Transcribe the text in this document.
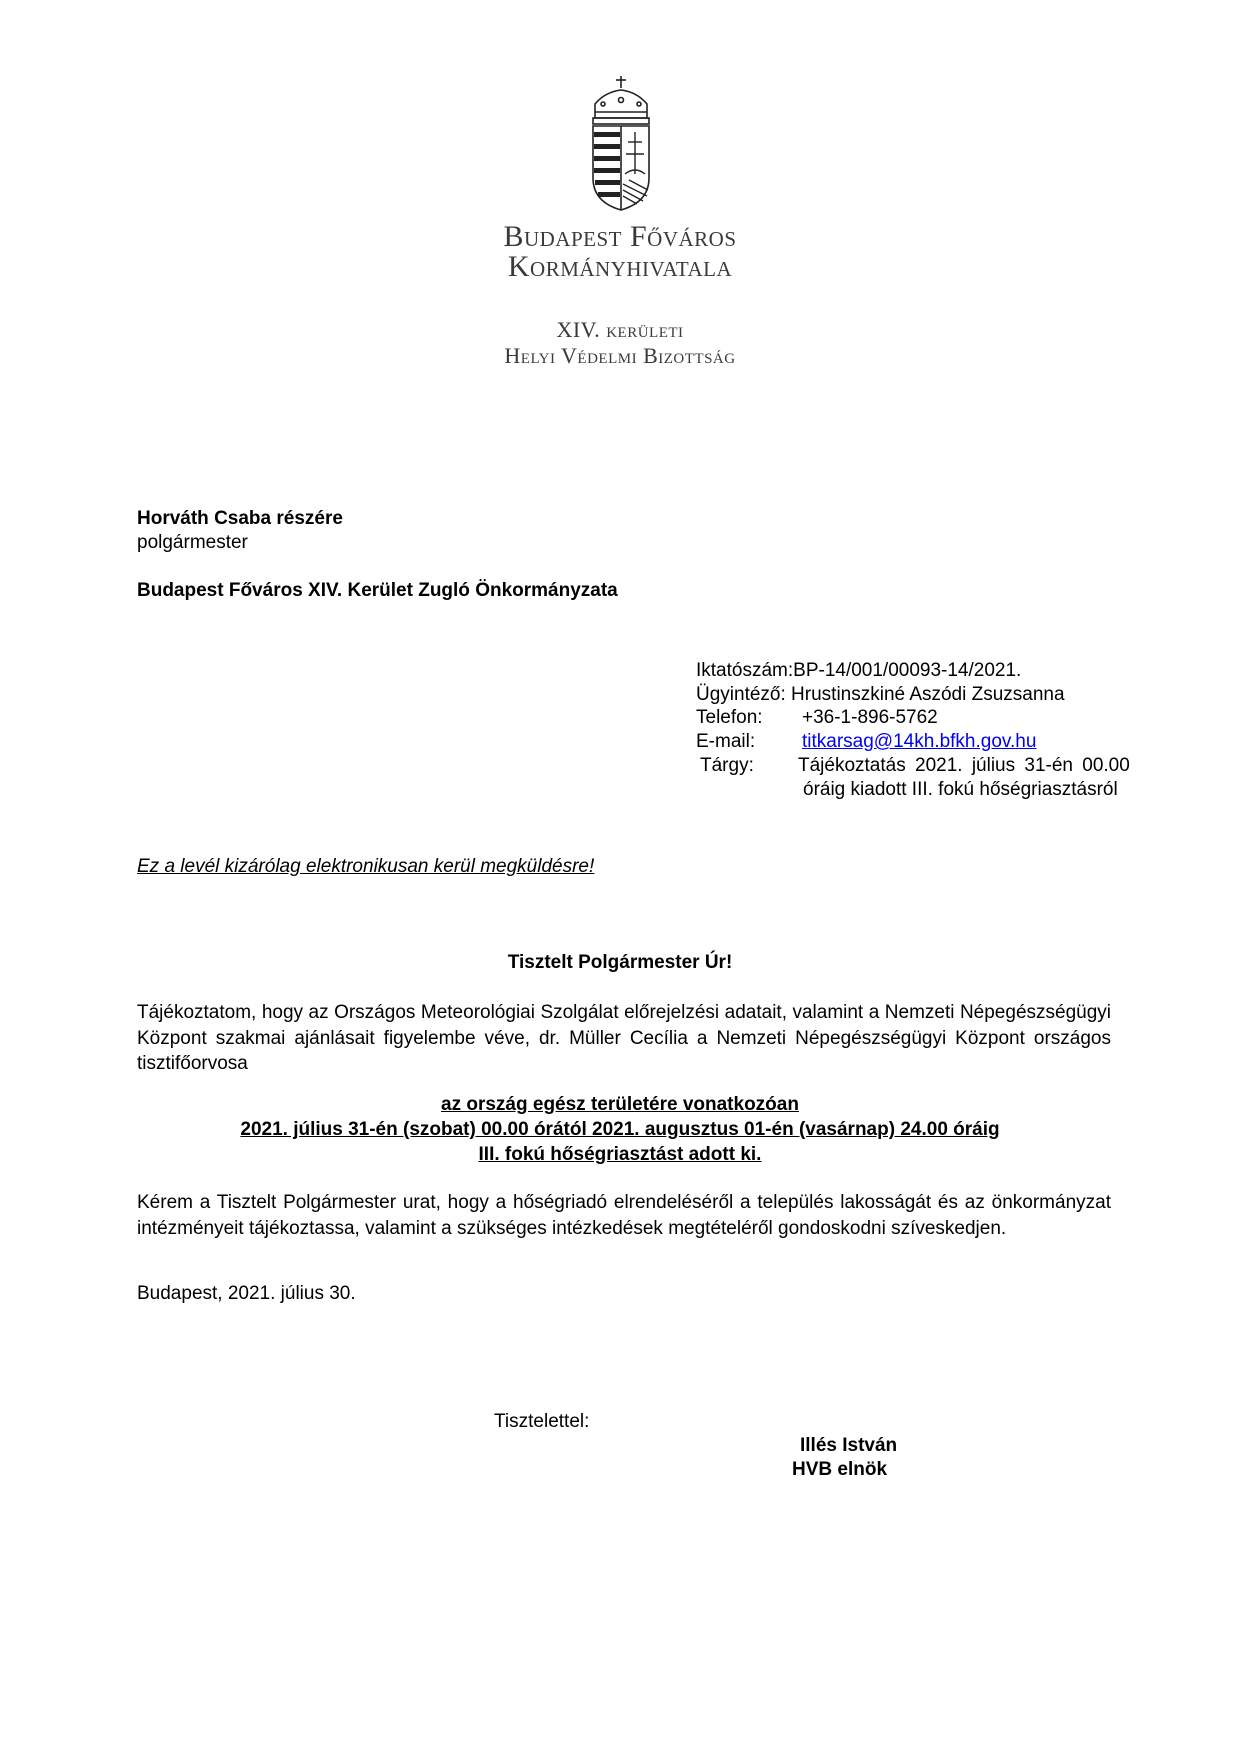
Budapest Főváros
Kormányhivatala
XIV. kerületi
Helyi Védelmi Bizottság
Horváth Csaba részére
polgármester
Budapest Főváros XIV. Kerület Zugló Önkormányzata
Iktatószám:BP-14/001/00093-14/2021.
Ügyintéző: Hrustinszkiné Aszódi Zsuzsanna
Telefon: +36-1-896-5762
E-mail: titkarsag@14kh.bfkh.gov.hu
Tárgy: Tájékoztatás 2021. július 31-én 00.00
óráig kiadott III. fokú hőségriasztásról
Ez a levél kizárólag elektronikusan kerül megküldésre!
Tisztelt Polgármester Úr!
Tájékoztatom, hogy az Országos Meteorológiai Szolgálat előrejelzési adatait, valamint a Nemzeti Népegészségügyi Központ szakmai ajánlásait figyelembe véve, dr. Müller Cecília a Nemzeti Népegészségügyi Központ országos tisztifőorvosa
az ország egész területére vonatkozóan
2021. július 31-én (szobat) 00.00 órától 2021. augusztus 01-én (vasárnap) 24.00 óráig
III. fokú hőségriasztást adott ki.
Kérem a Tisztelt Polgármester urat, hogy a hőségriadó elrendeléséről a település lakosságát és az önkormányzat intézményeit tájékoztassa, valamint a szükséges intézkedések megtételéről gondoskodni szíveskedjen.
Budapest, 2021. július 30.
Tisztelettel:
Illés István
HVB elnök
